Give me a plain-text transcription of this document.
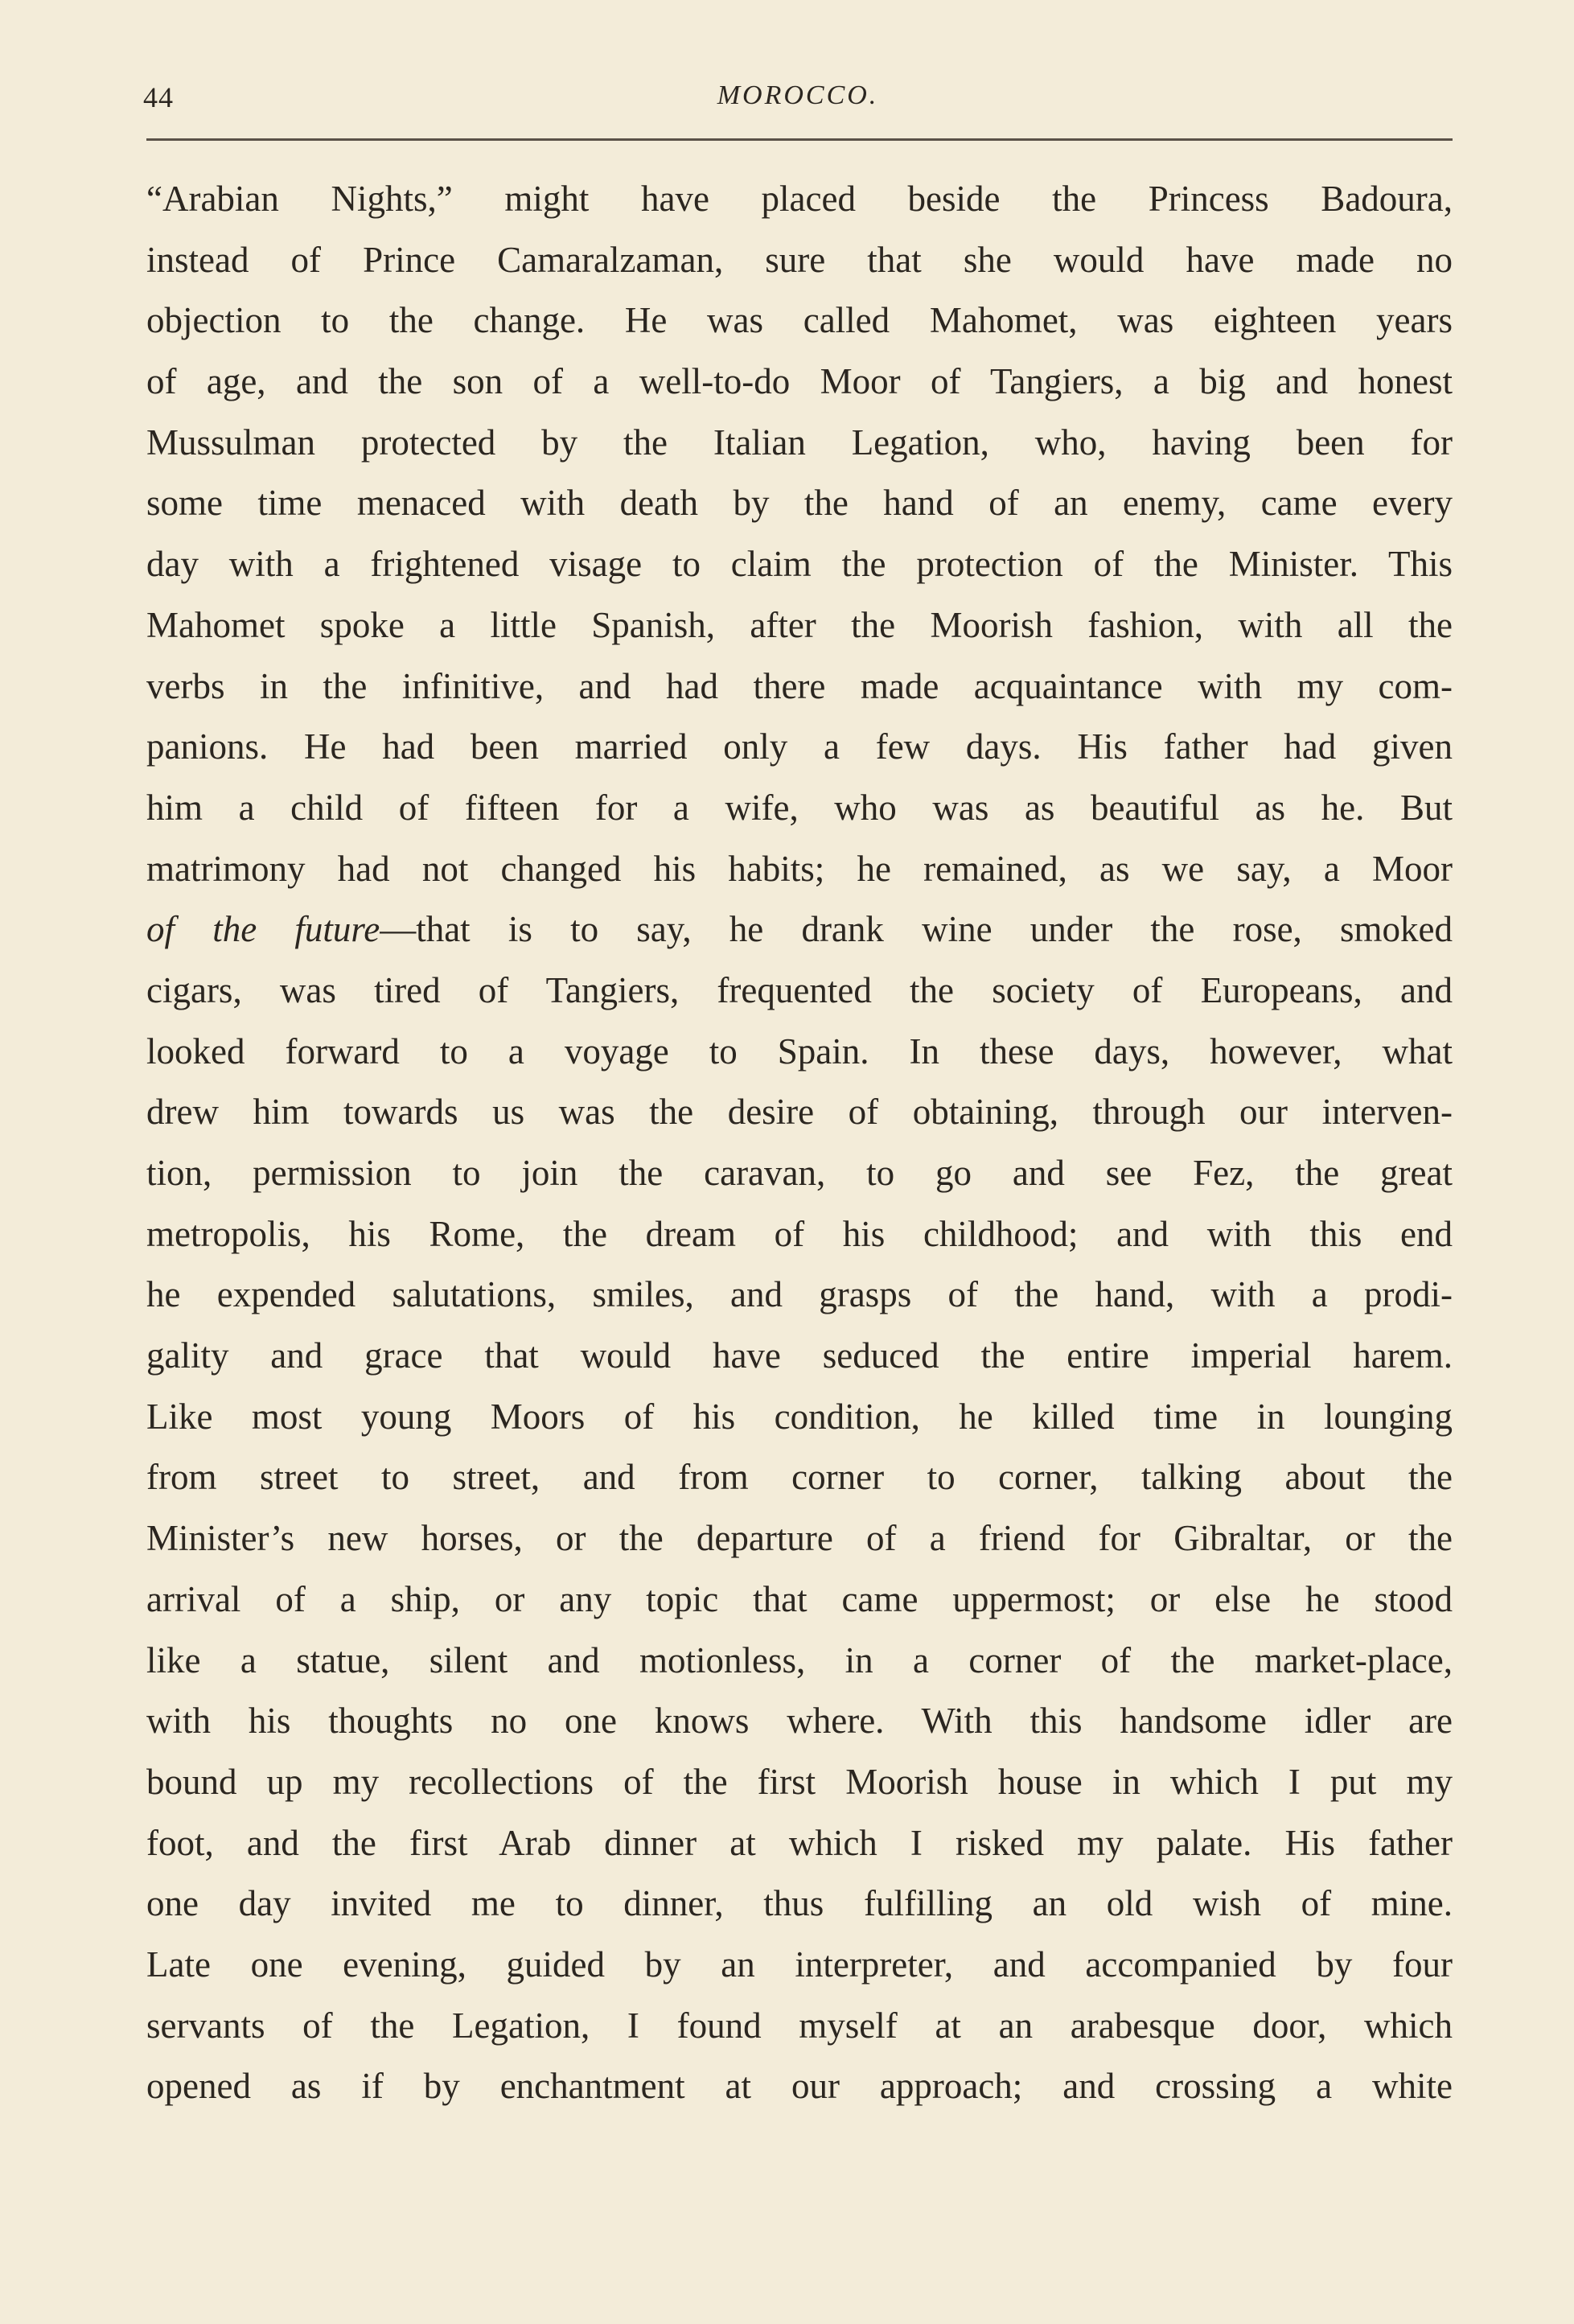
44	MOROCCO.
“Arabian Nights,” might have placed beside the Princess Badoura,
instead of Prince Camaralzaman, sure that she would have made no
objection to the change. He was called Mahomet, was eighteen years
of age, and the son of a well-to-do Moor of Tangiers, a big and honest
Mussulman protected by the Italian Legation, who, having been for
some time menaced with death by the hand of an enemy, came every
day with a frightened visage to claim the protection of the Minister. This
Mahomet spoke a little Spanish, after the Moorish fashion, with all the
verbs in the infinitive, and had there made acquaintance with my com-
panions. He had been married only a few days. His father had given
him a child of fifteen for a wife, who was as beautiful as he. But
matrimony had not changed his habits; he remained, as we say, a Moor
of the future—that is to say, he drank wine under the rose, smoked
cigars, was tired of Tangiers, frequented the society of Europeans, and
looked forward to a voyage to Spain. In these days, however, what
drew him towards us was the desire of obtaining, through our interven-
tion, permission to join the caravan, to go and see Fez, the great
metropolis, his Rome, the dream of his childhood; and with this end
he expended salutations, smiles, and grasps of the hand, with a prodi-
gality and grace that would have seduced the entire imperial harem.
Like most young Moors of his condition, he killed time in lounging
from street to street, and from corner to corner, talking about the
Minister’s new horses, or the departure of a friend for Gibraltar, or the
arrival of a ship, or any topic that came uppermost; or else he stood
like a statue, silent and motionless, in a corner of the market-place,
with his thoughts no one knows where. With this handsome idler are
bound up my recollections of the first Moorish house in which I put my
foot, and the first Arab dinner at which I risked my palate. His father
one day invited me to dinner, thus fulfilling an old wish of mine.
Late one evening, guided by an interpreter, and accompanied by four
servants of the Legation, I found myself at an arabesque door, which
opened as if by enchantment at our approach; and crossing a white
